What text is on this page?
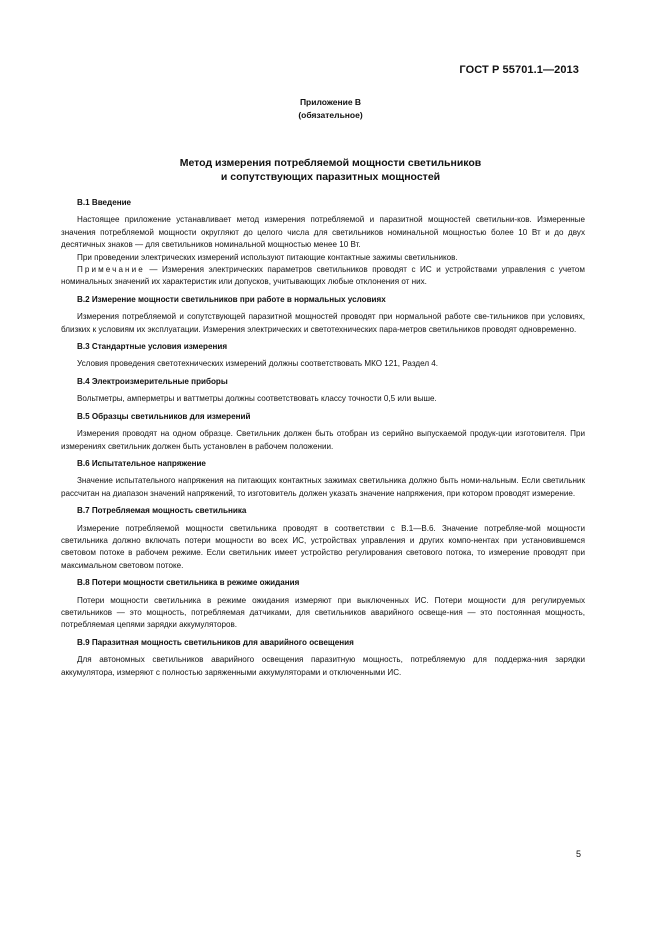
ГОСТ Р 55701.1—2013
Приложение В
(обязательное)
Метод измерения потребляемой мощности светильников
и сопутствующих паразитных мощностей
В.1 Введение

Настоящее приложение устанавливает метод измерения потребляемой и паразитной мощностей светильни-ков. Измеренные значения потребляемой мощности округляют до целого числа для светильников номинальной мощностью более 10 Вт и до двух десятичных знаков — для светильников номинальной мощностью менее 10 Вт.

При проведении электрических измерений используют питающие контактные зажимы светильников.

Примечание — Измерения электрических параметров светильников проводят с ИС и устройствами управления с учетом номинальных значений их характеристик или допусков, учитывающих любые отклонения от них.

В.2 Измерение мощности светильников при работе в нормальных условиях

Измерения потребляемой и сопутствующей паразитной мощностей проводят при нормальной работе све-тильников при условиях, близких к условиям их эксплуатации. Измерения электрических и светотехнических пара-метров светильников проводят одновременно.

В.3 Стандартные условия измерения

Условия проведения светотехнических измерений должны соответствовать МКО 121, Раздел 4.

В.4 Электроизмерительные приборы

Вольтметры, амперметры и ваттметры должны соответствовать классу точности 0,5 или выше.

В.5 Образцы светильников для измерений

Измерения проводят на одном образце. Светильник должен быть отобран из серийно выпускаемой продук-ции изготовителя. При измерениях светильник должен быть установлен в рабочем положении.

В.6 Испытательное напряжение

Значение испытательного напряжения на питающих контактных зажимах светильника должно быть номи-нальным. Если светильник рассчитан на диапазон значений напряжений, то изготовитель должен указать значение напряжения, при котором проводят измерение.

В.7 Потребляемая мощность светильника

Измерение потребляемой мощности светильника проводят в соответствии с В.1—В.6. Значение потребляе-мой мощности светильника должно включать потери мощности во всех ИС, устройствах управления и других компо-нентах при установившемся световом потоке в рабочем режиме. Если светильник имеет устройство регулирования светового потока, то измерение проводят при максимальном световом потоке.

В.8 Потери мощности светильника в режиме ожидания

Потери мощности светильника в режиме ожидания измеряют при выключенных ИС. Потери мощности для регулируемых светильников — это мощность, потребляемая датчиками, для светильников аварийного освеще-ния — это постоянная мощность, потребляемая цепями зарядки аккумуляторов.

В.9 Паразитная мощность светильников для аварийного освещения

Для автономных светильников аварийного освещения паразитную мощность, потребляемую для поддержа-ния зарядки аккумулятора, измеряют с полностью заряженными аккумуляторами и отключенными ИС.

5
